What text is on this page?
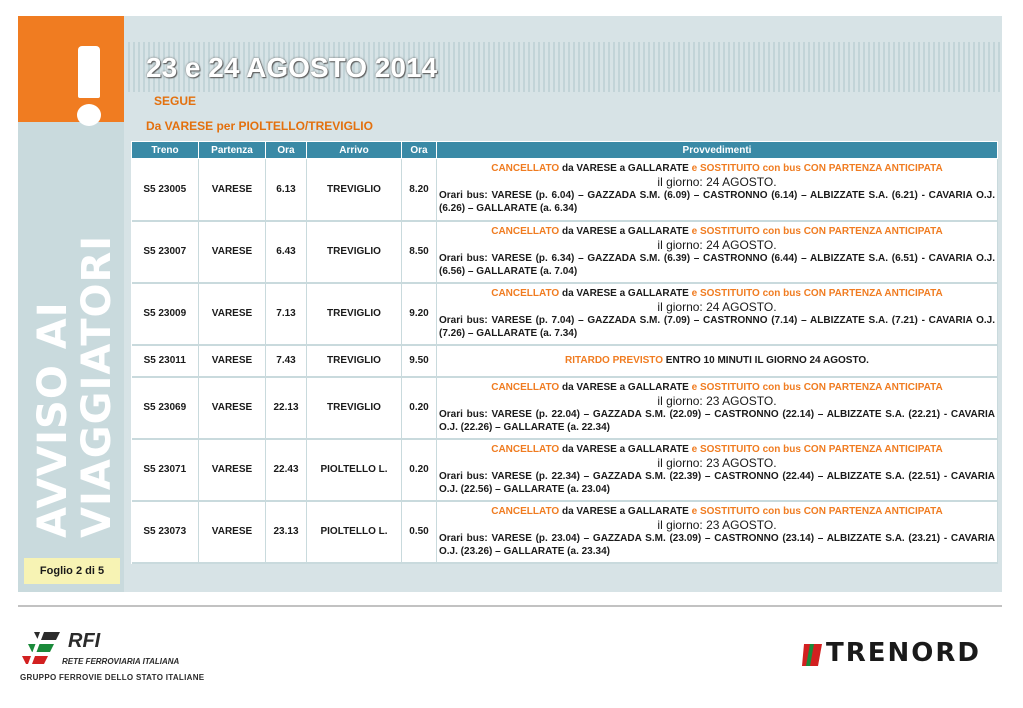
AVVISO AI
VIAGGIATORI
Foglio 2 di 5
23 e 24 AGOSTO 2014
SEGUE
Da VARESE per PIOLTELLO/TREVIGLIO
Treno	Partenza	Ora	Arrivo	Ora	Provvedimenti
S5 23005	VARESE	6.13	TREVIGLIO	8.20	CANCELLATO da VARESE a GALLARATE e SOSTITUITO con bus CON PARTENZA ANTICIPATA
il giorno: 24 AGOSTO.
Orari bus: VARESE (p. 6.04) – GAZZADA S.M. (6.09) – CASTRONNO (6.14) – ALBIZZATE S.A. (6.21) - CAVARIA O.J. (6.26) – GALLARATE (a. 6.34)

S5 23007	VARESE	6.43	TREVIGLIO	8.50	CANCELLATO da VARESE a GALLARATE e SOSTITUITO con bus CON PARTENZA ANTICIPATA
il giorno: 24 AGOSTO.
Orari bus: VARESE (p. 6.34) – GAZZADA S.M. (6.39) – CASTRONNO (6.44) – ALBIZZATE S.A. (6.51) - CAVARIA O.J. (6.56) – GALLARATE (a. 7.04)

S5 23009	VARESE	7.13	TREVIGLIO	9.20	CANCELLATO da VARESE a GALLARATE e SOSTITUITO con bus CON PARTENZA ANTICIPATA
il giorno: 24 AGOSTO.
Orari bus: VARESE (p. 7.04) – GAZZADA S.M. (7.09) – CASTRONNO (7.14) – ALBIZZATE S.A. (7.21) - CAVARIA O.J. (7.26) – GALLARATE (a. 7.34)

S5 23011	VARESE	7.43	TREVIGLIO	9.50	RITARDO PREVISTO ENTRO 10 MINUTI IL GIORNO 24 AGOSTO.

S5 23069	VARESE	22.13	TREVIGLIO	0.20	CANCELLATO da VARESE a GALLARATE e SOSTITUITO con bus CON PARTENZA ANTICIPATA
il giorno: 23 AGOSTO.
Orari bus: VARESE (p. 22.04) – GAZZADA S.M. (22.09) – CASTRONNO (22.14) – ALBIZZATE S.A. (22.21) - CAVARIA O.J. (22.26) – GALLARATE (a. 22.34)

S5 23071	VARESE	22.43	PIOLTELLO L.	0.20	CANCELLATO da VARESE a GALLARATE e SOSTITUITO con bus CON PARTENZA ANTICIPATA
il giorno: 23 AGOSTO.
Orari bus: VARESE (p. 22.34) – GAZZADA S.M. (22.39) – CASTRONNO (22.44) – ALBIZZATE S.A. (22.51) - CAVARIA O.J. (22.56) – GALLARATE (a. 23.04)

S5 23073	VARESE	23.13	PIOLTELLO L.	0.50	CANCELLATO da VARESE a GALLARATE e SOSTITUITO con bus CON PARTENZA ANTICIPATA
il giorno: 23 AGOSTO.
Orari bus: VARESE (p. 23.04) – GAZZADA S.M. (23.09) – CASTRONNO (23.14) – ALBIZZATE S.A. (23.21) - CAVARIA O.J. (23.26) – GALLARATE (a. 23.34)
RFI
RETE FERROVIARIA ITALIANA
GRUPPO FERROVIE DELLO STATO ITALIANE
TRENORD
